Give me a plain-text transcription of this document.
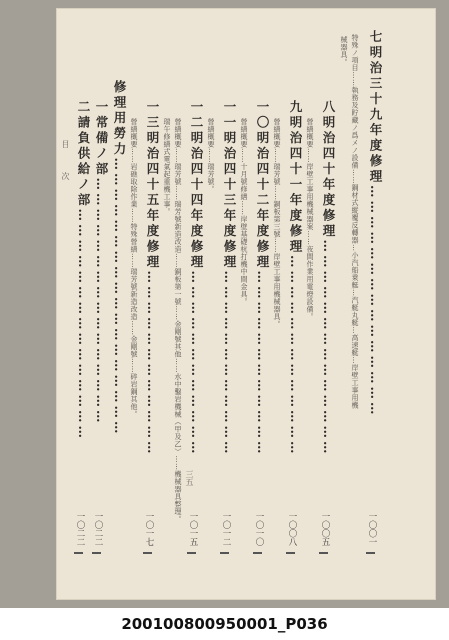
七明治三十九年度修理………………………………………
特殊ノ項目……執務及貯藏ノ爲メノ設備……鋼材式縱覆反轉器…小汽船乗艇…汽艇丸艇…高速艇…岸壁工事用機
械器具。
八明治四十年度修理……………………………………
營繕概要……岸壁工事用機械器案……夜間作業用電燈設備。
九明治四十一年度修理…………………………………
營繕概要……瑞芳號……銅板第三號……岸壁工事用機械器具。
一〇明治四十二年度修理………………………………
營繕概要……十月號修繕……岸壁基礎杭打機中間金具。
一一明治四十三年度修理………………………………
營繕概要……瑞芳號。
一二明治四十四年度修理………………………………
營繕概要……瑞芳號……瑞芳號新造改造……銅板第一號……金剛號其他……水中鑿岩機械（甲及乙）……機械器具整理。
瑞午修繕式電氣起重機工事。
一三明治四十五年度修理………………………………
營繕概要……岩礁取除作業……特殊營繕……瑞芳號新造改造……金剛號……碎岩鋼其他。
修理用勞力………………………………………………
一常備ノ部…………………………………………
二請負供給ノ部………………………………………
一〇〇一
一〇〇五
一〇〇八
一〇一〇
一〇一二
一〇一五
一〇一七
一〇二二
一〇二二
目
次
三五
200100800950001_P036
